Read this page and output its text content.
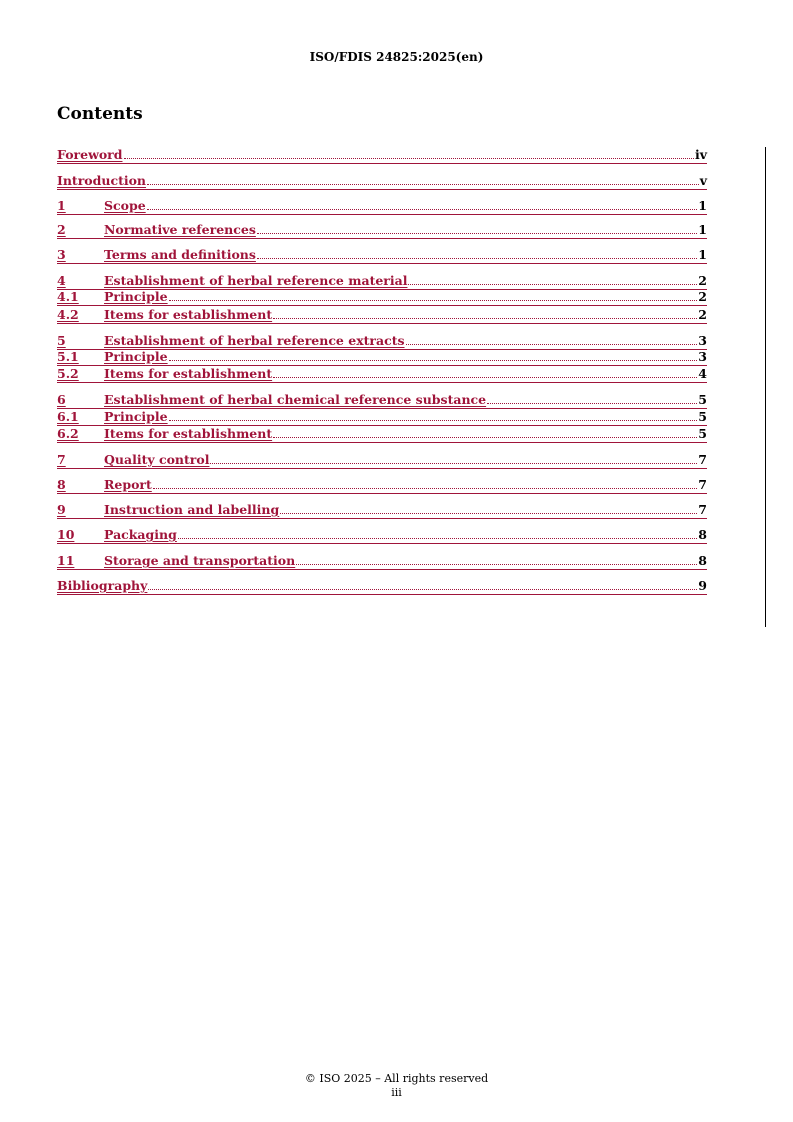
ISO/FDIS 24825:2025(en)
Contents
Foreword	iv
Introduction	v
1	Scope	1
2	Normative references	1
3	Terms and definitions	1
4	Establishment of herbal reference material	2
4.1	Principle	2
4.2	Items for establishment	2
5	Establishment of herbal reference extracts	3
5.1	Principle	3
5.2	Items for establishment	4
6	Establishment of herbal chemical reference substance	5
6.1	Principle	5
6.2	Items for establishment	5
7	Quality control	7
8	Report	7
9	Instruction and labelling	7
10	Packaging	8
11	Storage and transportation	8
Bibliography	9
© ISO 2025 – All rights reserved
iii
